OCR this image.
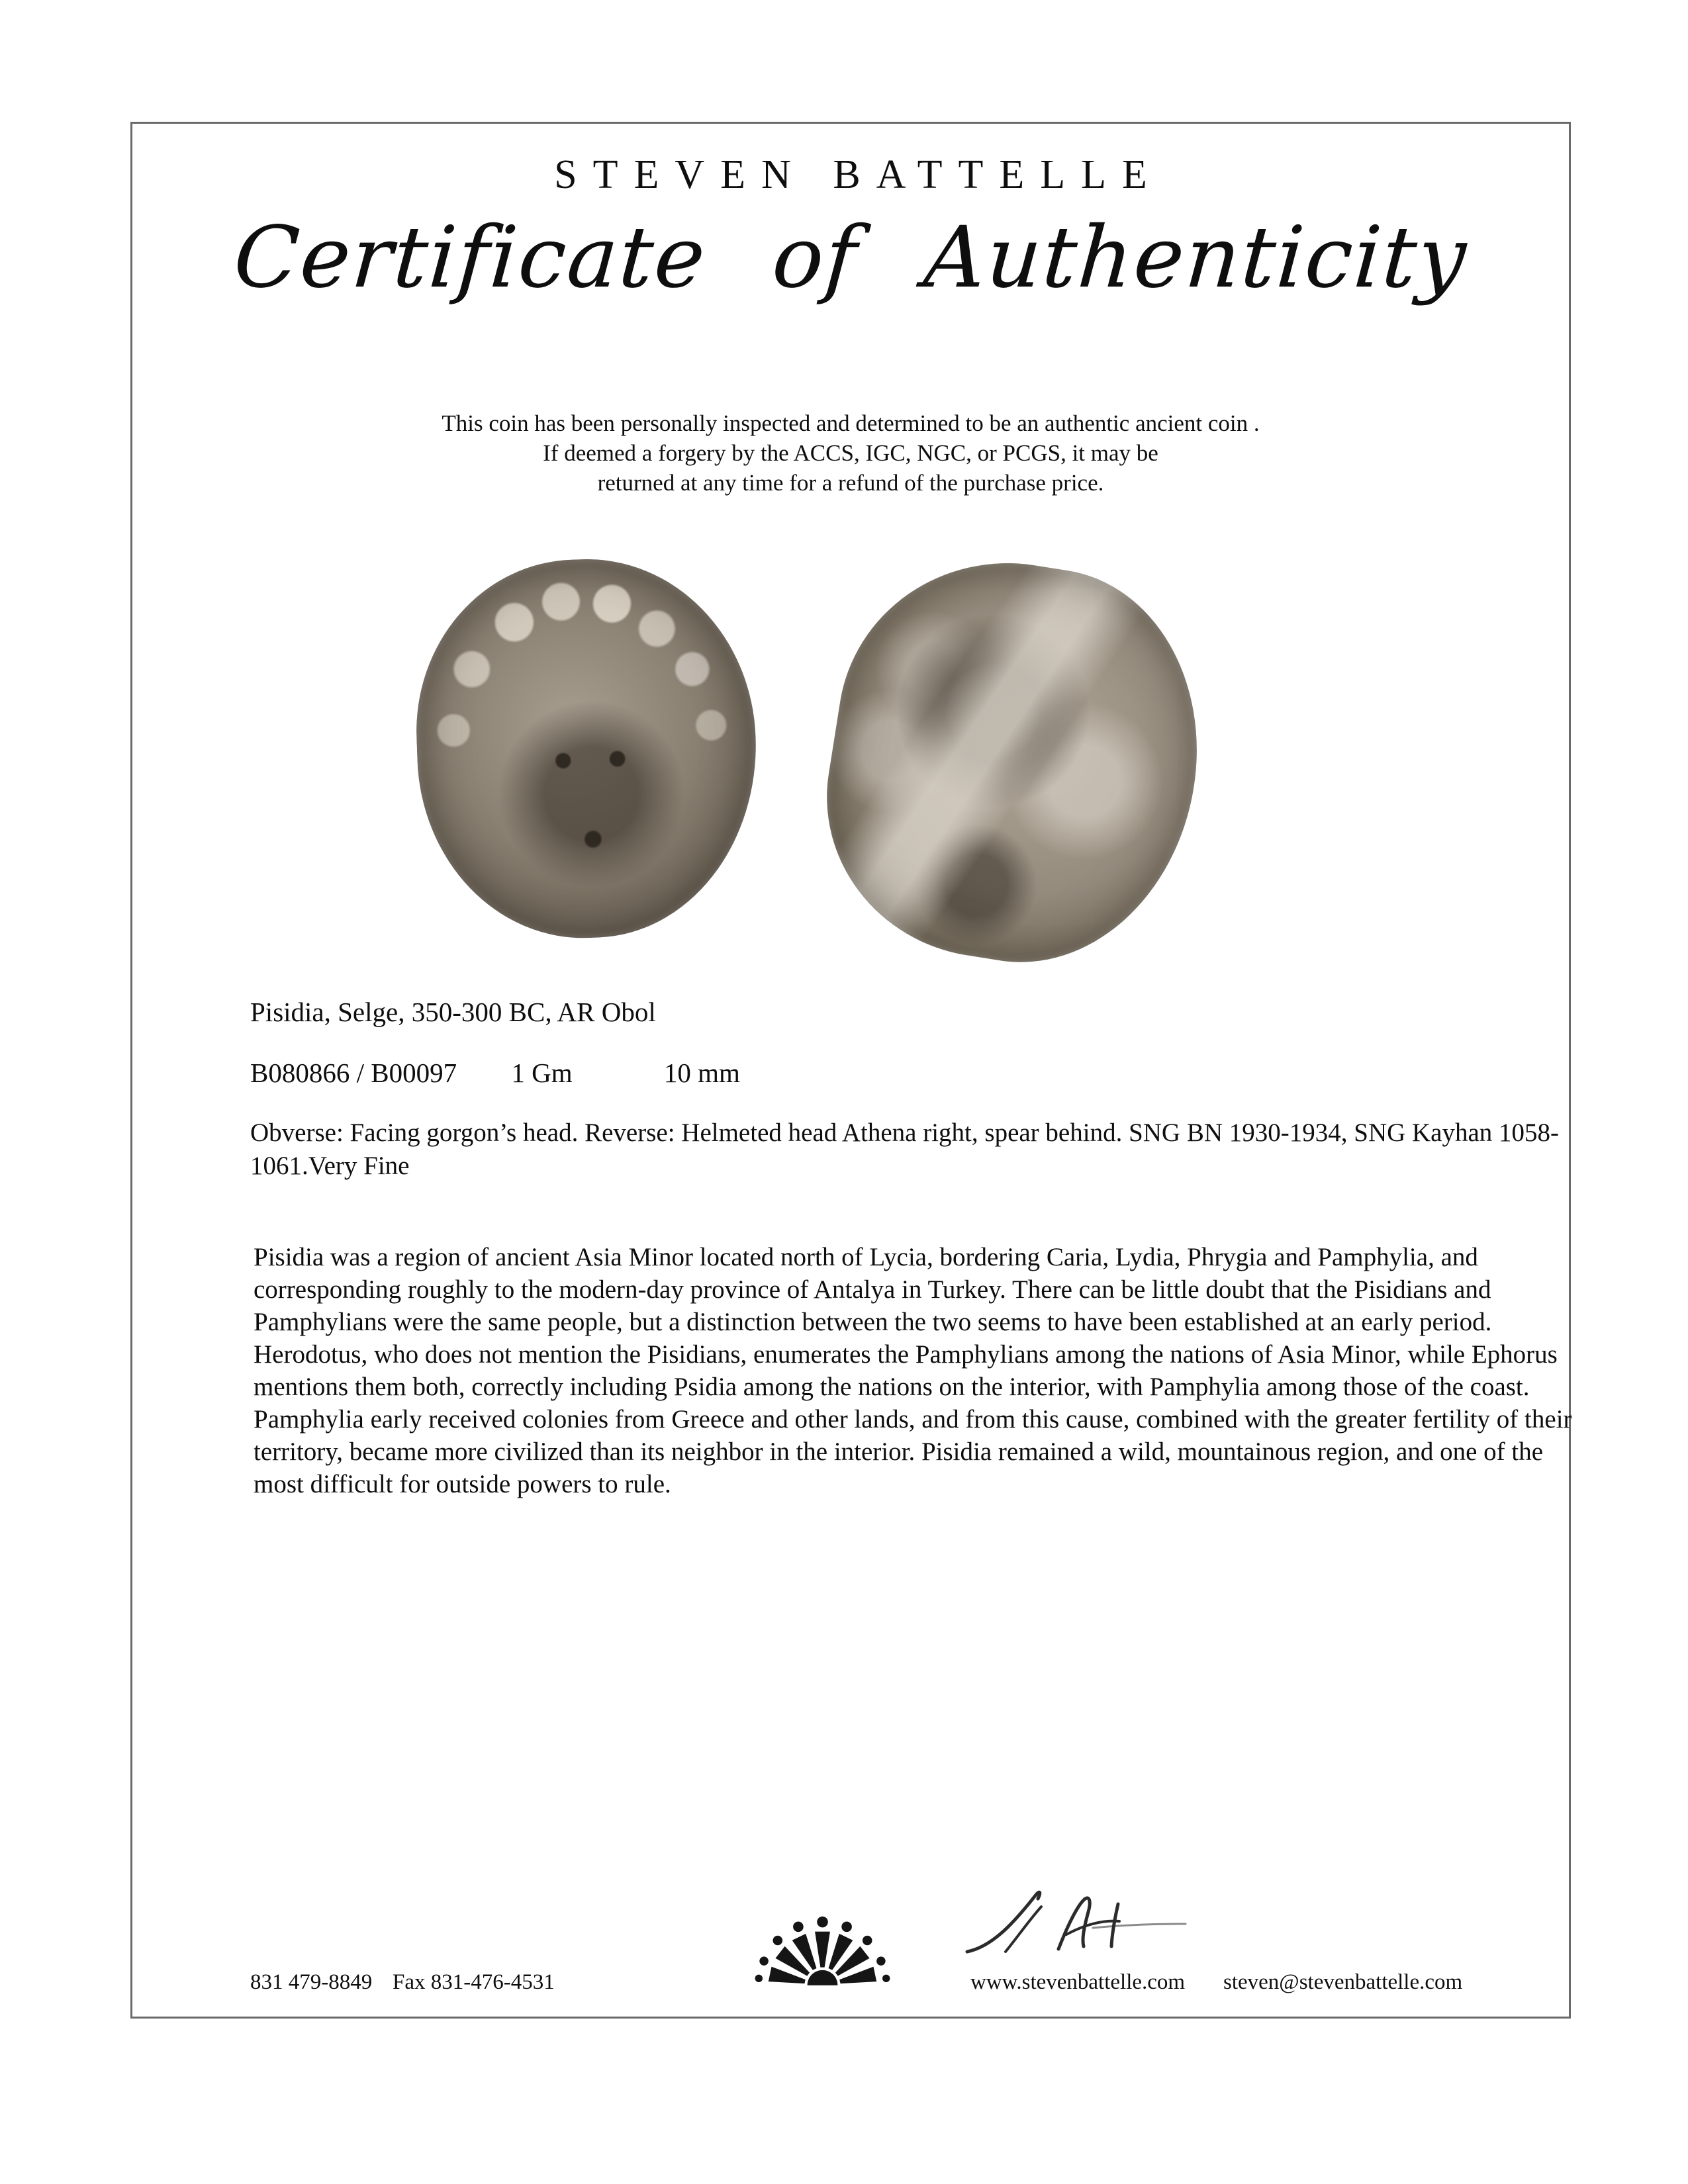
STEVEN BATTELLE
Certificate of Authenticity
This coin has been personally inspected and determined to be an authentic ancient coin .
If deemed a forgery by the ACCS, IGC, NGC, or PCGS, it may be
returned at any time for a refund of the purchase price.
Pisidia, Selge, 350-300 BC, AR Obol
B080866 / B00097 1 Gm	10 mm
Obverse: Facing gorgon’s head. Reverse: Helmeted head Athena right, spear behind. SNG BN 1930-1934, SNG Kayhan 1058-1061.Very Fine
Pisidia was a region of ancient Asia Minor located north of Lycia, bordering Caria, Lydia, Phrygia and Pamphylia, and corresponding roughly to the modern-day province of Antalya in Turkey. There can be little doubt that the Pisidians and Pamphylians were the same people, but a distinction between the two seems to have been established at an early period. Herodotus, who does not mention the Pisidians, enumerates the Pamphylians among the nations of Asia Minor, while Ephorus mentions them both, correctly including Psidia among the nations on the interior, with Pamphylia among those of the coast. Pamphylia early received colonies from Greece and other lands, and from this cause, combined with the greater fertility of their territory, became more civilized than its neighbor in the interior. Pisidia remained a wild, mountainous region, and one of the most difficult for outside powers to rule.
831 479-8849 Fax 831-476-4531	www.stevenbattelle.com steven@stevenbattelle.com
